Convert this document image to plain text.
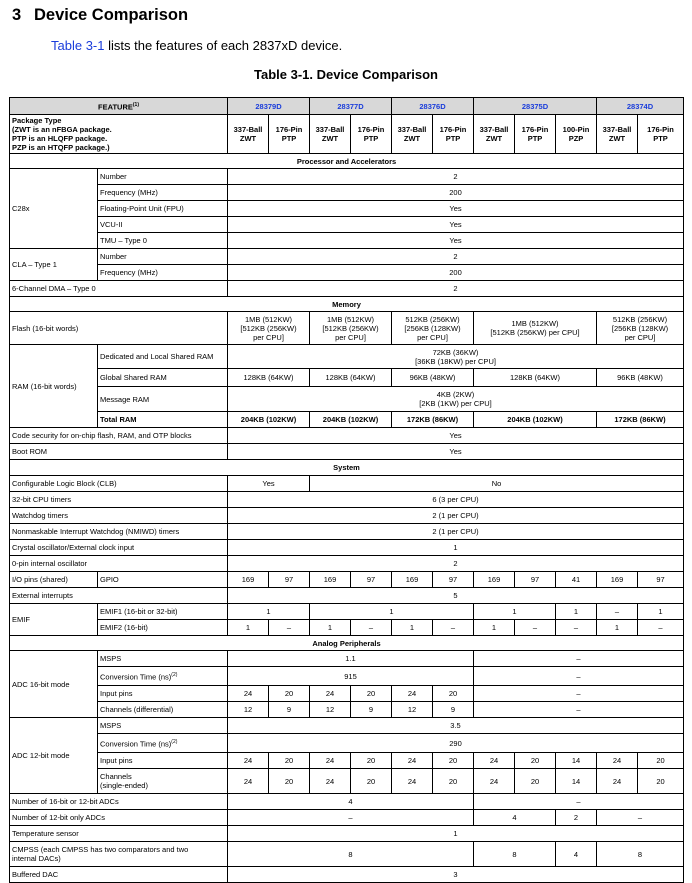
3 Device Comparison
Table 3-1 lists the features of each 2837xD device.
Table 3-1. Device Comparison
FEATURE$^{(1)}$		28379D		28377D		28376D		28375D			28374D	
Package Type
(ZWT is an nFBGA package.
PTP is an HLQFP package.
PZP is an HTQFP package.)		337-Ball
ZWT	176-Pin
PTP	337-Ball
ZWT	176-Pin
PTP	337-Ball
ZWT	176-Pin
PTP	337-Ball
ZWT	176-Pin
PTP	100-Pin
PZP	337-Ball
ZWT	176-Pin
PTP
Processor and Accelerators												
C28x	Number	2										
	Frequency (MHz)	200										
	Floating-Point Unit (FPU)	Yes										
	VCU-II	Yes										
	TMU – Type 0	Yes										
CLA – Type 1	Number	2										
	Frequency (MHz)	200										
6-Channel DMA – Type 0		2										
Memory												
Flash (16-bit words)		1MB (512KW)
[512KB (256KW)
per CPU]		1MB (512KW)
[512KB (256KW)
per CPU]		512KB (256KW)
[256KB (128KW)
per CPU]		1MB (512KW)
[512KB (256KW) per CPU]			512KB (256KW)
[256KB (128KW)
per CPU]	
RAM (16-bit words)	Dedicated and Local Shared RAM	72KB (36KW)
[36KB (18KW) per CPU]										
	Global Shared RAM	128KB (64KW)		128KB (64KW)		96KB (48KW)		128KB (64KW)			96KB (48KW)	
	Message RAM	4KB (2KW)
[2KB (1KW) per CPU]										
	Total RAM	204KB (102KW)		204KB (102KW)		172KB (86KW)		204KB (102KW)			172KB (86KW)	
Code security for on-chip flash, RAM, and OTP blocks		Yes										
Boot ROM		Yes										
System												
Configurable Logic Block (CLB)		Yes		No								
32-bit CPU timers		6 (3 per CPU)										
Watchdog timers		2 (1 per CPU)										
Nonmaskable Interrupt Watchdog (NMIWD) timers		2 (1 per CPU)										
Crystal oscillator/External clock input		1										
0-pin internal oscillator		2										
I/O pins (shared)	GPIO	169	97	169	97	169	97	169	97	41	169	97
External interrupts		5										
EMIF	EMIF1 (16-bit or 32-bit)	1		1				1		1	–	1
	EMIF2 (16-bit)	1	–	1	–	1	–	1	–	–	1	–
Analog Peripherals												
ADC 16-bit mode	MSPS	1.1						–				
	Conversion Time (ns)$^{(2)}$	915						–				
	Input pins	24	20	24	20	24	20	–				
	Channels (differential)	12	9	12	9	12	9	–				
ADC 12-bit mode	MSPS	3.5										
	Conversion Time (ns)$^{(2)}$	290										
	Input pins	24	20	24	20	24	20	24	20	14	24	20
	Channels
(single-ended)	24	20	24	20	24	20	24	20	14	24	20
Number of 16-bit or 12-bit ADCs		4						–				
Number of 12-bit only ADCs		–						4		2	–	
Temperature sensor		1										
CMPSS (each CMPSS has two comparators and two
internal DACs)		8						8		4	8	
Buffered DAC		3										
